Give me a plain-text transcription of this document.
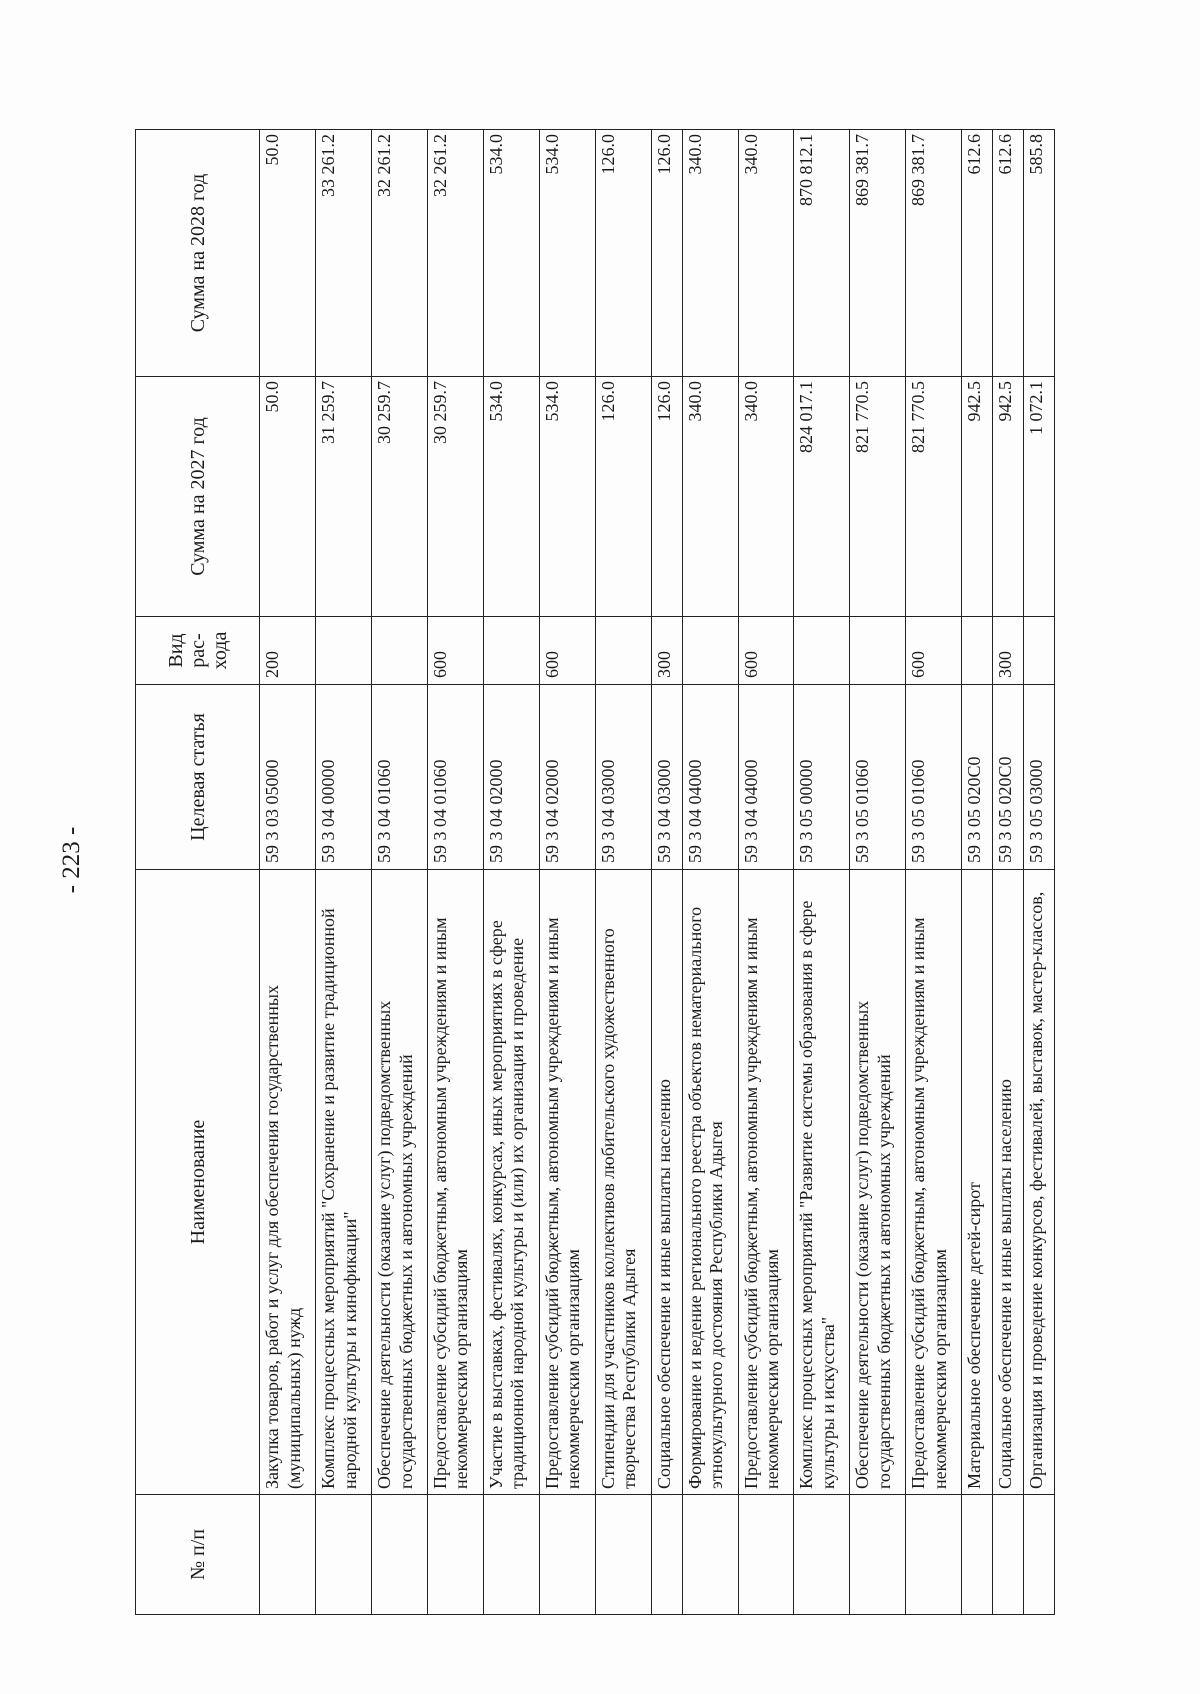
- 223 -
№ п/п	Наименование	Целевая статья	Вид рас- хода	Сумма на 2027 год	Сумма на 2028 год
	Закупка товаров, работ и услуг для обеспечения государственных (муниципальных) нужд	59 3 03 05000	200	50.0	50.0
	Комплекс процессных мероприятий "Сохранение и развитие традиционной народной культуры и кинофикации"	59 3 04 00000		31 259.7	33 261.2
	Обеспечение деятельности (оказание услуг) подведомственных государственных бюджетных и автономных учреждений	59 3 04 01060		30 259.7	32 261.2
	Предоставление субсидий бюджетным, автономным учреждениям и иным некоммерческим организациям	59 3 04 01060	600	30 259.7	32 261.2
	Участие в выставках, фестивалях, конкурсах, иных мероприятиях в сфере традиционной народной культуры и (или) их организация и проведение	59 3 04 02000		534.0	534.0
	Предоставление субсидий бюджетным, автономным учреждениям и иным некоммерческим организациям	59 3 04 02000	600	534.0	534.0
	Стипендии для участников коллективов любительского художественного творчества Республики Адыгея	59 3 04 03000		126.0	126.0
	Социальное обеспечение и иные выплаты населению	59 3 04 03000	300	126.0	126.0
	Формирование и ведение регионального реестра объектов нематериального этнокультурного достояния Республики Адыгея	59 3 04 04000		340.0	340.0
	Предоставление субсидий бюджетным, автономным учреждениям и иным некоммерческим организациям	59 3 04 04000	600	340.0	340.0
	Комплекс процессных мероприятий "Развитие системы образования в сфере культуры и искусства"	59 3 05 00000		824 017.1	870 812.1
	Обеспечение деятельности (оказание услуг) подведомственных государственных бюджетных и автономных учреждений	59 3 05 01060		821 770.5	869 381.7
	Предоставление субсидий бюджетным, автономным учреждениям и иным некоммерческим организациям	59 3 05 01060	600	821 770.5	869 381.7
	Материальное обеспечение детей-сирот	59 3 05 020С0		942.5	612.6
	Социальное обеспечение и иные выплаты населению	59 3 05 020С0	300	942.5	612.6
	Организация и проведение конкурсов, фестивалей, выставок, мастер-классов,	59 3 05 03000		1 072.1	585.8
